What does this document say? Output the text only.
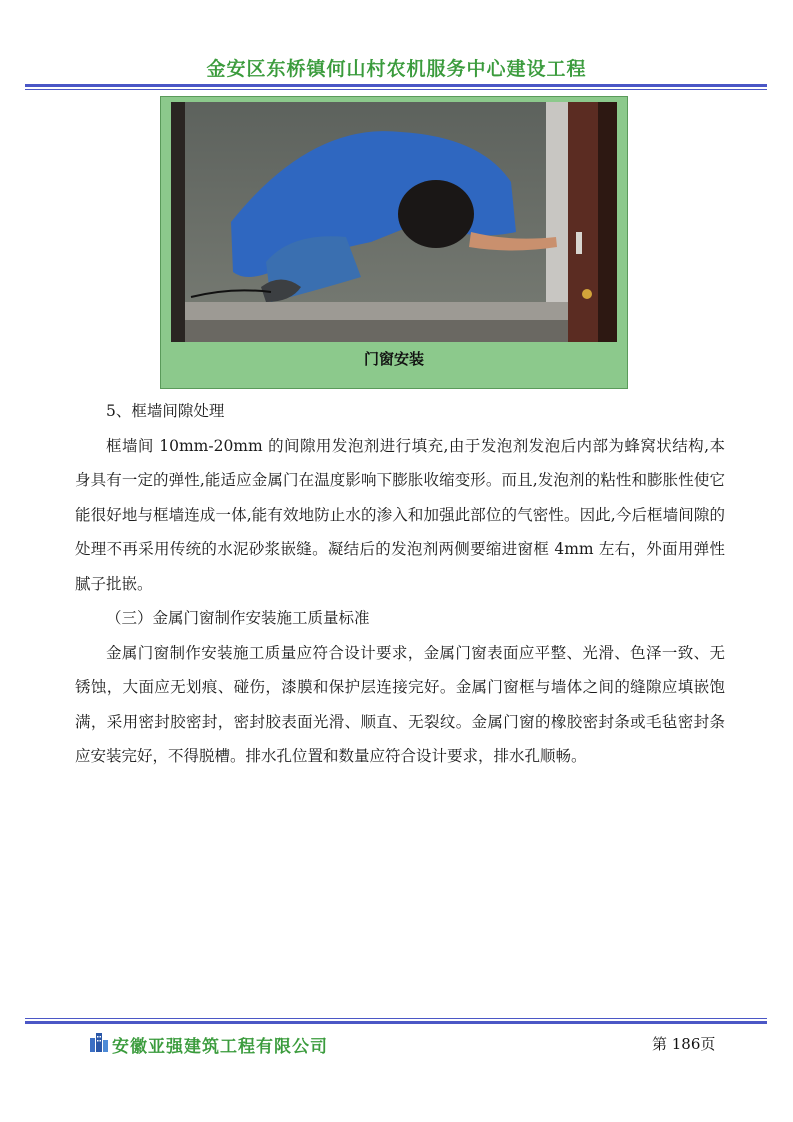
金安区东桥镇何山村农机服务中心建设工程
门窗安装

5、框墙间隙处理

框墙间 10mm-20mm 的间隙用发泡剂进行填充,由于发泡剂发泡后内部为蜂窝状结构,本身具有一定的弹性,能适应金属门在温度影响下膨胀收缩变形。而且,发泡剂的粘性和膨胀性使它能很好地与框墙连成一体,能有效地防止水的渗入和加强此部位的气密性。因此,今后框墙间隙的处理不再采用传统的水泥砂浆嵌缝。凝结后的发泡剂两侧要缩进窗框 4mm 左右，外面用弹性腻子批嵌。

（三）金属门窗制作安装施工质量标准

金属门窗制作安装施工质量应符合设计要求，金属门窗表面应平整、光滑、色泽一致、无锈蚀，大面应无划痕、碰伤，漆膜和保护层连接完好。金属门窗框与墙体之间的缝隙应填嵌饱满，采用密封胶密封，密封胶表面光滑、顺直、无裂纹。金属门窗的橡胶密封条或毛毡密封条应安装完好，不得脱槽。排水孔位置和数量应符合设计要求，排水孔顺畅。

安徽亚强建筑工程有限公司	第 186页
